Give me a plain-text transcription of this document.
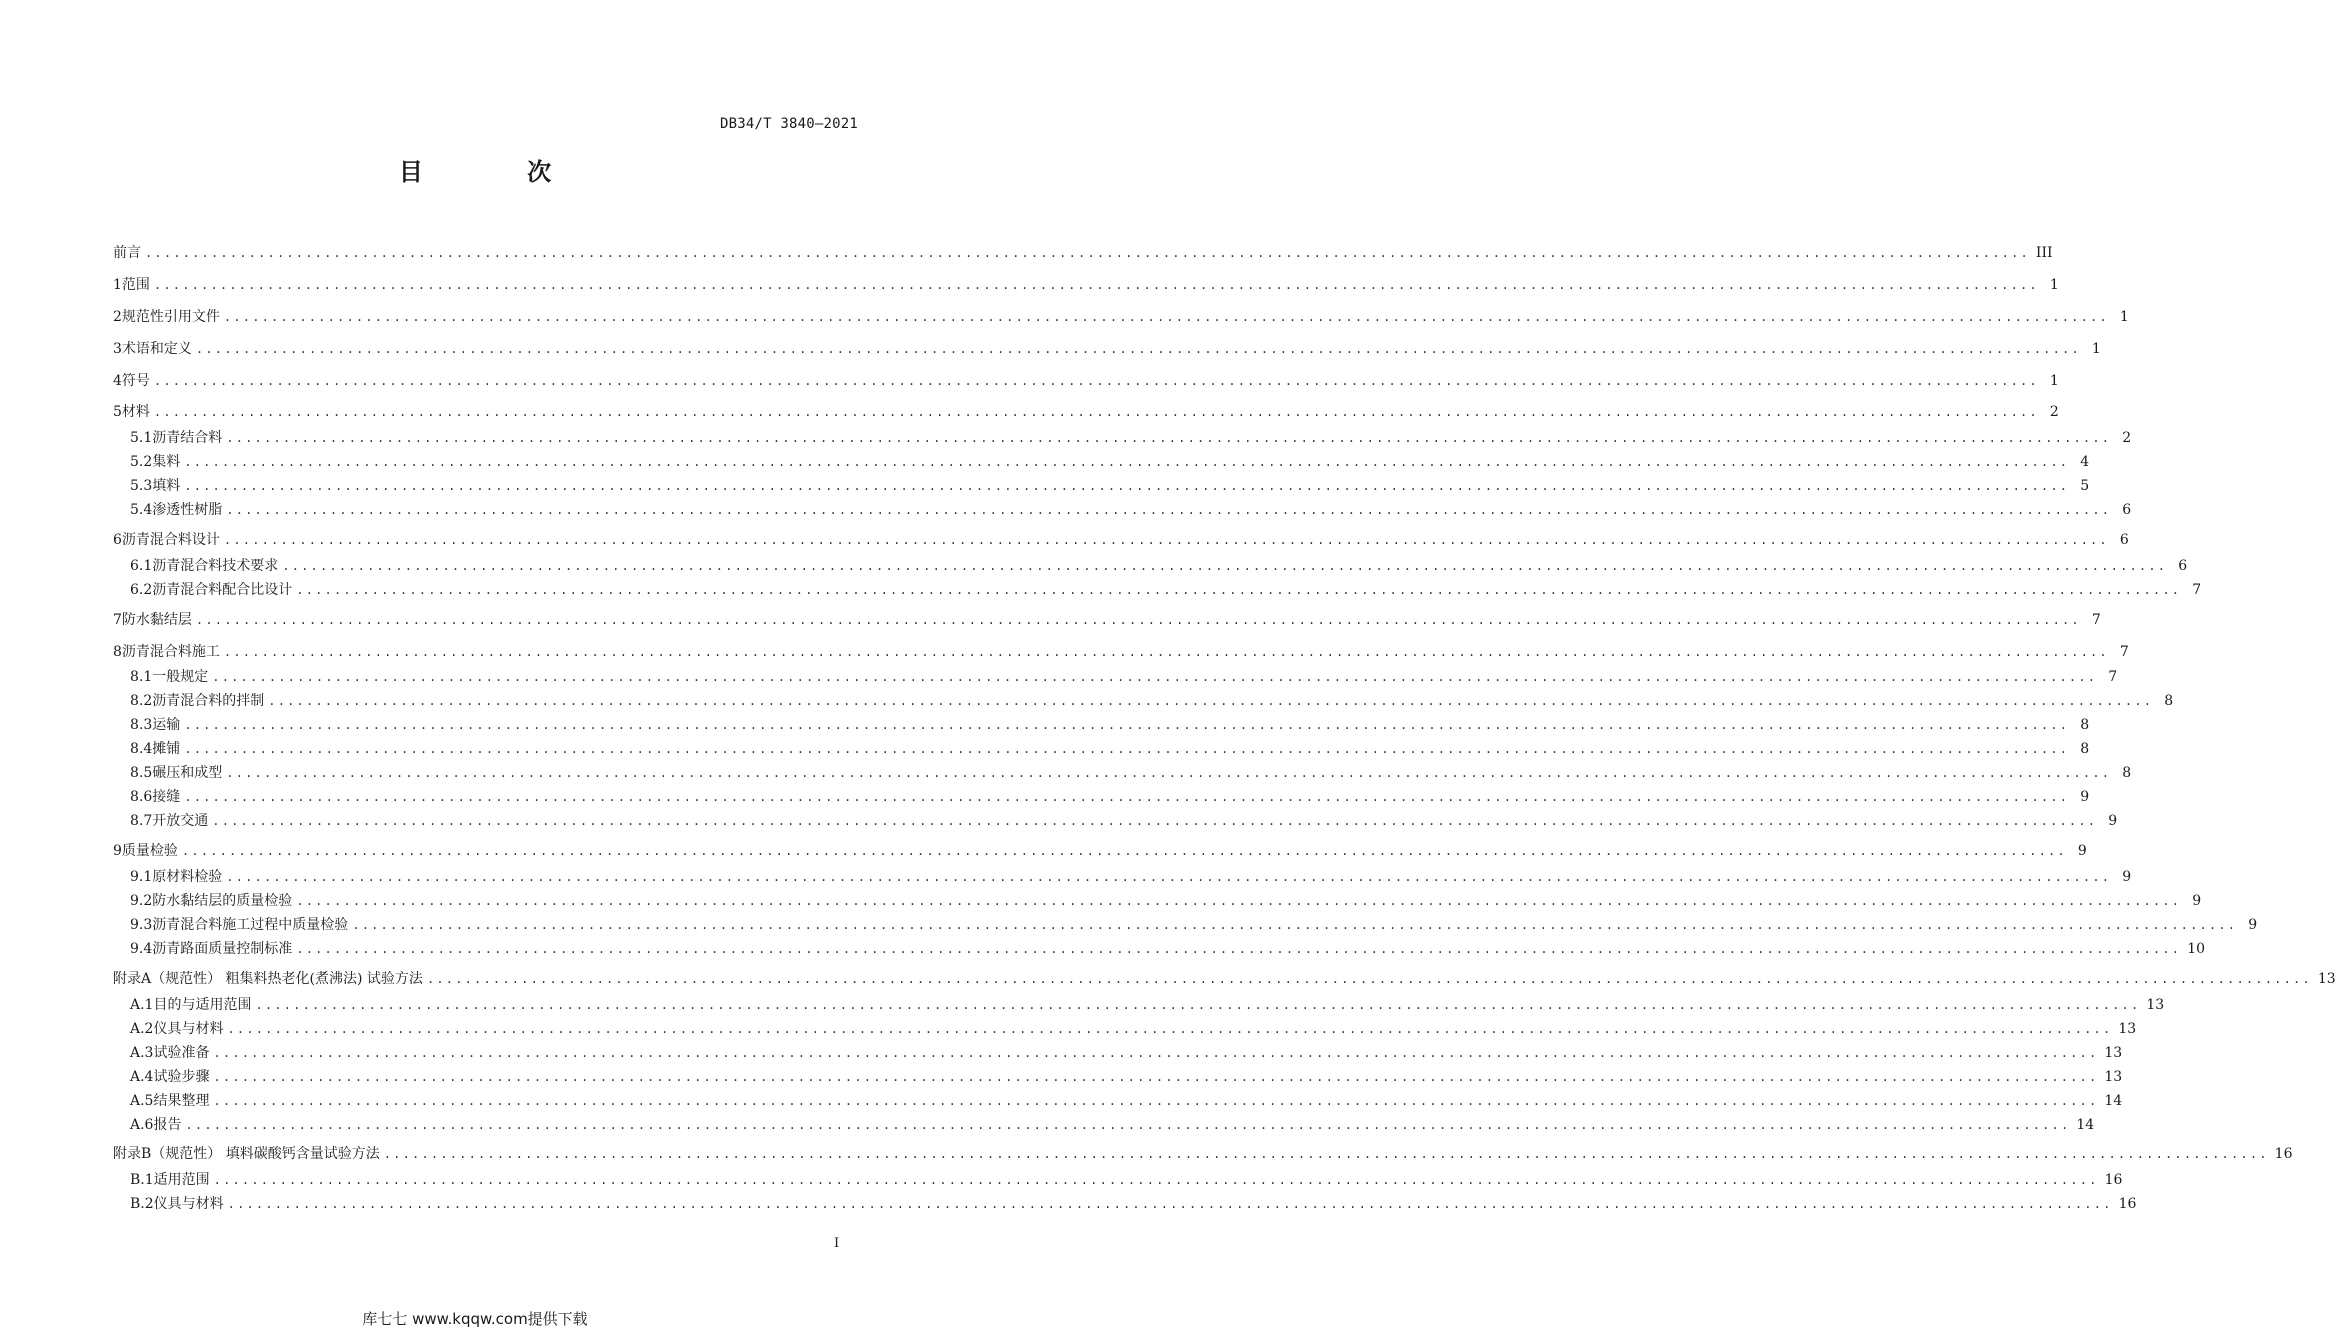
DB34/T 3840—2021
目 次
前言 ........................................................................................................................................................................................................ III
1 范围 ........................................................................................................................................................................................................ 1
2 规范性引用文件 ........................................................................................................................................................................................................ 1
3 术语和定义 ........................................................................................................................................................................................................ 1
4 符号 ........................................................................................................................................................................................................ 1
5 材料 ........................................................................................................................................................................................................ 2
5.1 沥青结合料 ........................................................................................................................................................................................................ 2
5.2 集料 ........................................................................................................................................................................................................ 4
5.3 填料 ........................................................................................................................................................................................................ 5
5.4 渗透性树脂 ........................................................................................................................................................................................................ 6
6 沥青混合料设计 ........................................................................................................................................................................................................ 6
6.1 沥青混合料技术要求 ........................................................................................................................................................................................................ 6
6.2 沥青混合料配合比设计 ........................................................................................................................................................................................................ 7
7 防水黏结层 ........................................................................................................................................................................................................ 7
8 沥青混合料施工 ........................................................................................................................................................................................................ 7
8.1 一般规定 ........................................................................................................................................................................................................ 7
8.2 沥青混合料的拌制 ........................................................................................................................................................................................................ 8
8.3 运输 ........................................................................................................................................................................................................ 8
8.4 摊铺 ........................................................................................................................................................................................................ 8
8.5 碾压和成型 ........................................................................................................................................................................................................ 8
8.6 接缝 ........................................................................................................................................................................................................ 9
8.7 开放交通 ........................................................................................................................................................................................................ 9
9 质量检验 ........................................................................................................................................................................................................ 9
9.1 原材料检验 ........................................................................................................................................................................................................ 9
9.2 防水黏结层的质量检验 ........................................................................................................................................................................................................ 9
9.3 沥青混合料施工过程中质量检验 ........................................................................................................................................................................................................ 9
9.4 沥青路面质量控制标准 ........................................................................................................................................................................................................ 10
附录A（规范性） 粗集料热老化(煮沸法) 试验方法 ........................................................................................................................................................................................................ 13
A.1 目的与适用范围 ........................................................................................................................................................................................................ 13
A.2 仪具与材料 ........................................................................................................................................................................................................ 13
A.3 试验准备 ........................................................................................................................................................................................................ 13
A.4 试验步骤 ........................................................................................................................................................................................................ 13
A.5 结果整理 ........................................................................................................................................................................................................ 14
A.6 报告 ........................................................................................................................................................................................................ 14
附录B（规范性） 填料碳酸钙含量试验方法 ........................................................................................................................................................................................................ 16
B.1 适用范围 ........................................................................................................................................................................................................ 16
B.2 仪具与材料 ........................................................................................................................................................................................................ 16
I
库七七 www.kqqw.com提供下载
